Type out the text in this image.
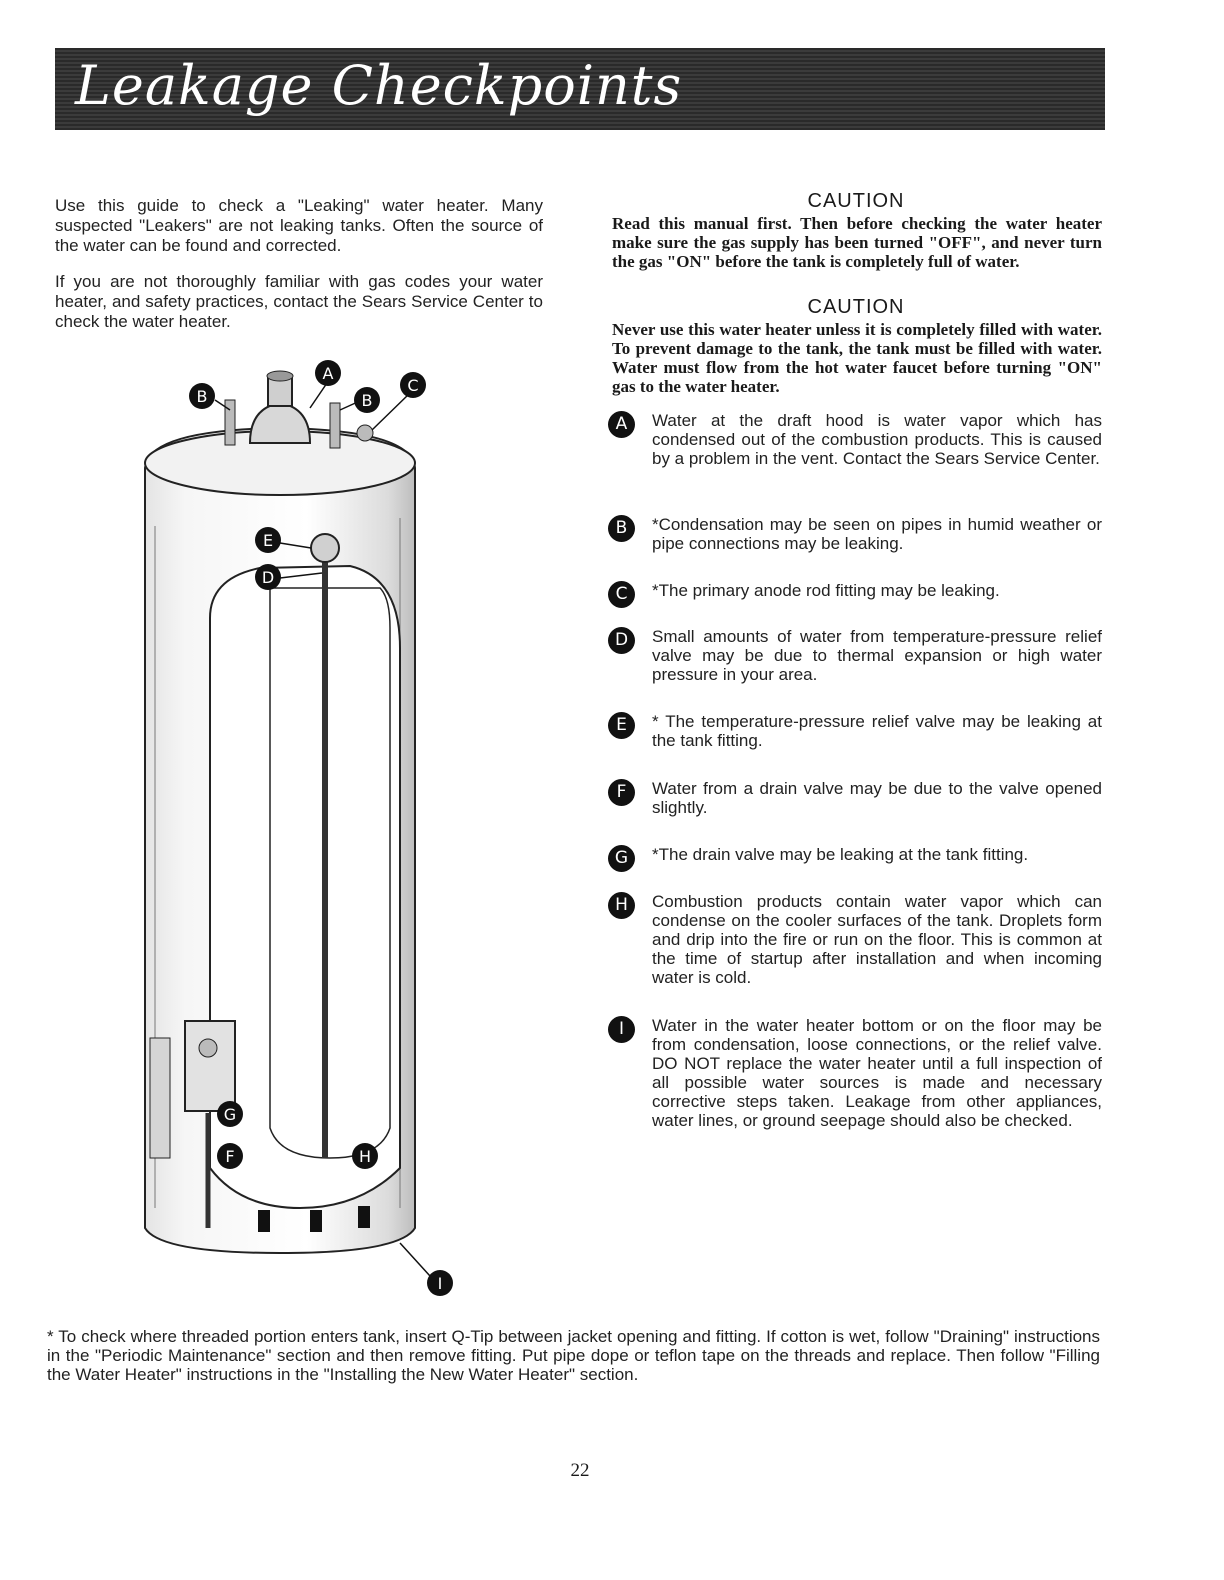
Leakage Checkpoints

Use this guide to check a "Leaking" water heater. Many suspected "Leakers" are not leaking tanks. Often the source of the water can be found and corrected.

If you are not thoroughly familiar with gas codes your water heater, and safety practices, contact the Sears Service Center to check the water heater.

CAUTION

Read this manual first. Then before checking the water heater make sure the gas supply has been turned "OFF", and never turn the gas "ON" before the tank is completely full of water.

CAUTION

Never use this water heater unless it is completely filled with water. To prevent damage to the tank, the tank must be filled with water. Water must flow from the hot water faucet before turning "ON" gas to the water heater.

A	Water at the draft hood is water vapor which has condensed out of the combustion products. This is caused by a problem in the vent. Contact the Sears Service Center.

B	*Condensation may be seen on pipes in humid weather or pipe connections may be leaking.

C	*The primary anode rod fitting may be leaking.

D	Small amounts of water from temperature-pressure relief valve may be due to thermal expansion or high water pressure in your area.

E	* The temperature-pressure relief valve may be leaking at the tank fitting.

F	Water from a drain valve may be due to the valve opened slightly.

G	*The drain valve may be leaking at the tank fitting.

H	Combustion products contain water vapor which can condense on the cooler surfaces of the tank. Droplets form and drip into the fire or run on the floor. This is common at the time of startup after installation and when incoming water is cold.

I	Water in the water heater bottom or on the floor may be from condensation, loose connections, or the relief valve. DO NOT replace the water heater until a full inspection of all possible water sources is made and necessary corrective steps taken. Leakage from other appliances, water lines, or ground seepage should also be checked.

A
B	B
C
E
D
G
F	H
I

* To check where threaded portion enters tank, insert Q-Tip between jacket opening and fitting. If cotton is wet, follow "Draining" instructions in the "Periodic Maintenance" section and then remove fitting. Put pipe dope or teflon tape on the threads and replace. Then follow "Filling the Water Heater" instructions in the "Installing the New Water Heater" section.

22
